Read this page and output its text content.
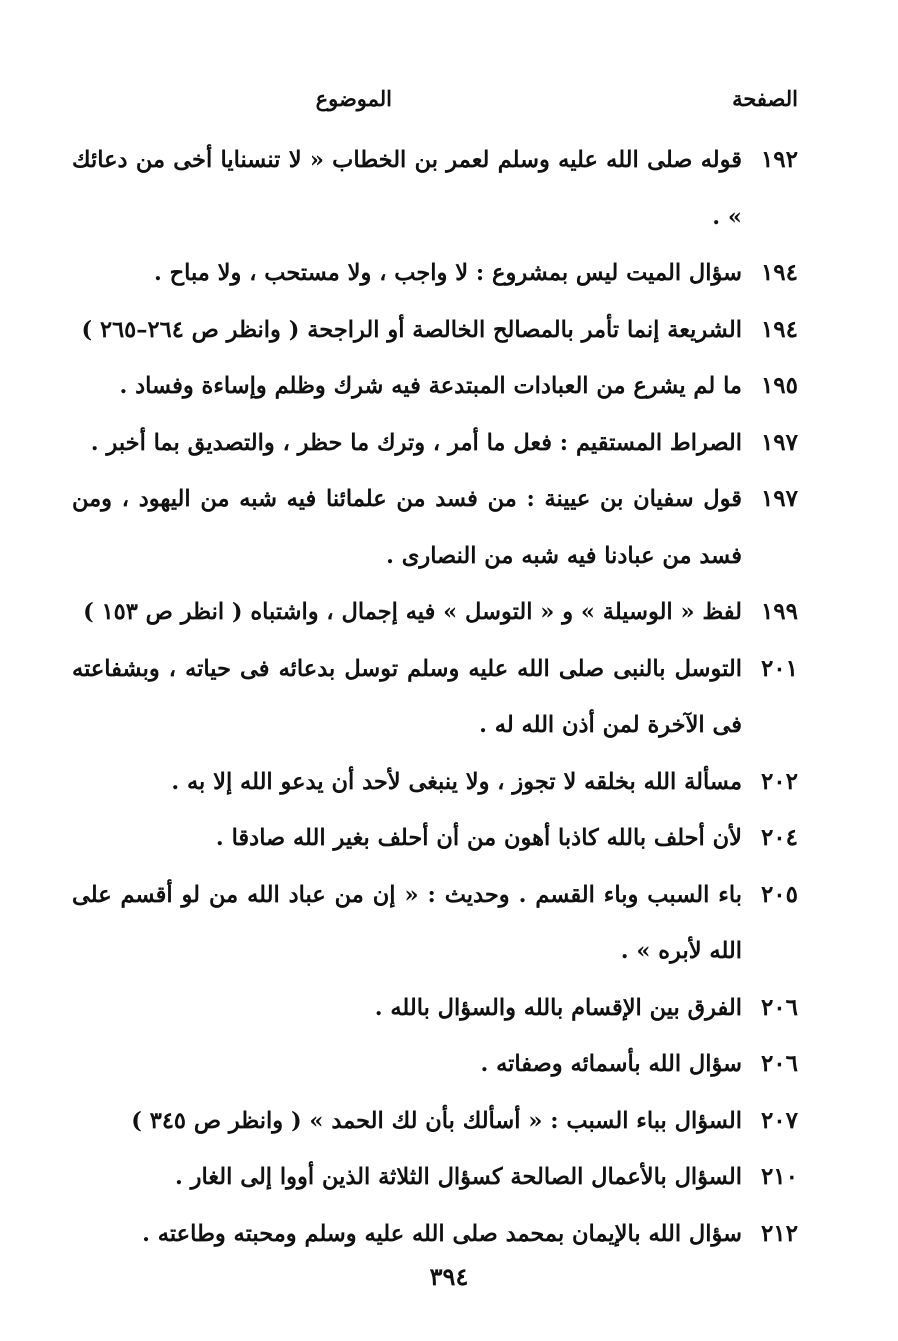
الصفحة
الموضوع
١٩٢
قوله صلى الله عليه وسلم لعمر بن الخطاب « لا تنسنايا أخى من دعائك » .
١٩٤
سؤال الميت ليس بمشروع : لا واجب ، ولا مستحب ، ولا مباح .
١٩٤
الشريعة إنما تأمر بالمصالح الخالصة أو الراجحة ( وانظر ص ٢٦٤–٢٦٥ )
١٩٥
ما لم يشرع من العبادات المبتدعة فيه شرك وظلم وإساءة وفساد .
١٩٧
الصراط المستقيم : فعل ما أمر ، وترك ما حظر ، والتصديق بما أخبر .
١٩٧
قول سفيان بن عيينة : من فسد من علمائنا فيه شبه من اليهود ، ومن فسد من عبادنا فيه شبه من النصارى .
١٩٩
لفظ « الوسيلة » و « التوسل » فيه إجمال ، واشتباه ( انظر ص ١٥٣ )
٢٠١
التوسل بالنبى صلى الله عليه وسلم توسل بدعائه فى حياته ، وبشفاعته فى الآخرة لمن أذن الله له .
٢٠٢
مسألة الله بخلقه لا تجوز ، ولا ينبغى لأحد أن يدعو الله إلا به .
٢٠٤
لأن أحلف بالله كاذبا أهون من أن أحلف بغير الله صادقا .
٢٠٥
باء السبب وباء القسم . وحديث : « إن من عباد الله من لو أقسم على الله لأبره » .
٢٠٦
الفرق بين الإقسام بالله والسؤال بالله .
٢٠٦
سؤال الله بأسمائه وصفاته .
٢٠٧
السؤال بباء السبب : « أسألك بأن لك الحمد » ( وانظر ص ٣٤٥ )
٢١٠
السؤال بالأعمال الصالحة كسؤال الثلاثة الذين أووا إلى الغار .
٢١٢
سؤال الله بالإيمان بمحمد صلى الله عليه وسلم ومحبته وطاعته .
٣٩٤
